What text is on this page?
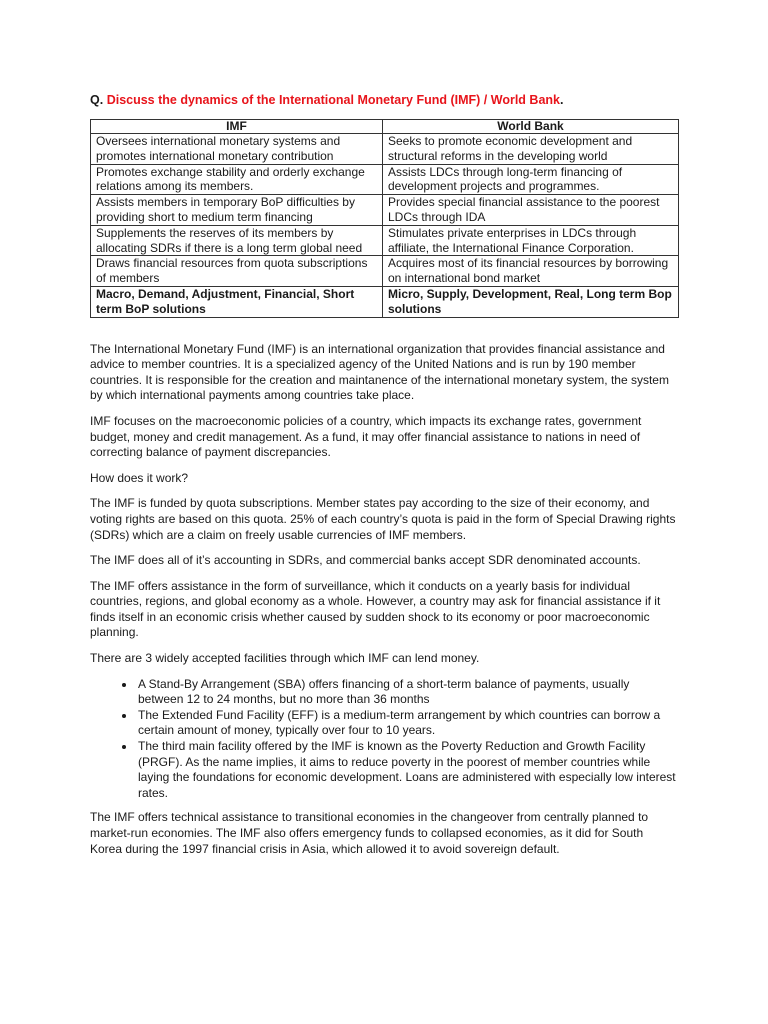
Q. Discuss the dynamics of the International Monetary Fund (IMF) / World Bank.
IMF	World Bank
Oversees international monetary systems and promotes international monetary contribution	Seeks to promote economic development and structural reforms in the developing world
Promotes exchange stability and orderly exchange relations among its members.	Assists LDCs through long-term financing of development projects and programmes.
Assists members in temporary BoP difficulties by providing short to medium term financing	Provides special financial assistance to the poorest LDCs through IDA
Supplements the reserves of its members by allocating SDRs if there is a long term global need	Stimulates private enterprises in LDCs through affiliate, the International Finance Corporation.
Draws financial resources from quota subscriptions of members	Acquires most of its financial resources by borrowing on international bond market
Macro, Demand, Adjustment, Financial, Short term BoP solutions	Micro, Supply, Development, Real, Long term Bop solutions

The International Monetary Fund (IMF) is an international organization that provides financial assistance and advice to member countries. It is a specialized agency of the United Nations and is run by 190 member countries. It is responsible for the creation and maintanence of the international monetary system, the system by which international payments among countries take place.

IMF focuses on the macroeconomic policies of a country, which impacts its exchange rates, government budget, money and credit management. As a fund, it may offer financial assistance to nations in need of correcting balance of payment discrepancies.

How does it work?

The IMF is funded by quota subscriptions. Member states pay according to the size of their economy, and voting rights are based on this quota. 25% of each country’s quota is paid in the form of Special Drawing rights (SDRs) which are a claim on freely usable currencies of IMF members.

The IMF does all of it’s accounting in SDRs, and commercial banks accept SDR denominated accounts.

The IMF offers assistance in the form of surveillance, which it conducts on a yearly basis for individual countries, regions, and global economy as a whole. However, a country may ask for financial assistance if it finds itself in an economic crisis whether caused by sudden shock to its economy or poor macroeconomic planning.

There are 3 widely accepted facilities through which IMF can lend money.

• A Stand-By Arrangement (SBA) offers financing of a short-term balance of payments, usually between 12 to 24 months, but no more than 36 months
• The Extended Fund Facility (EFF) is a medium-term arrangement by which countries can borrow a certain amount of money, typically over four to 10 years.
• The third main facility offered by the IMF is known as the Poverty Reduction and Growth Facility (PRGF). As the name implies, it aims to reduce poverty in the poorest of member countries while laying the foundations for economic development. Loans are administered with especially low interest rates.

The IMF offers technical assistance to transitional economies in the changeover from centrally planned to market-run economies. The IMF also offers emergency funds to collapsed economies, as it did for South Korea during the 1997 financial crisis in Asia, which allowed it to avoid sovereign default.
